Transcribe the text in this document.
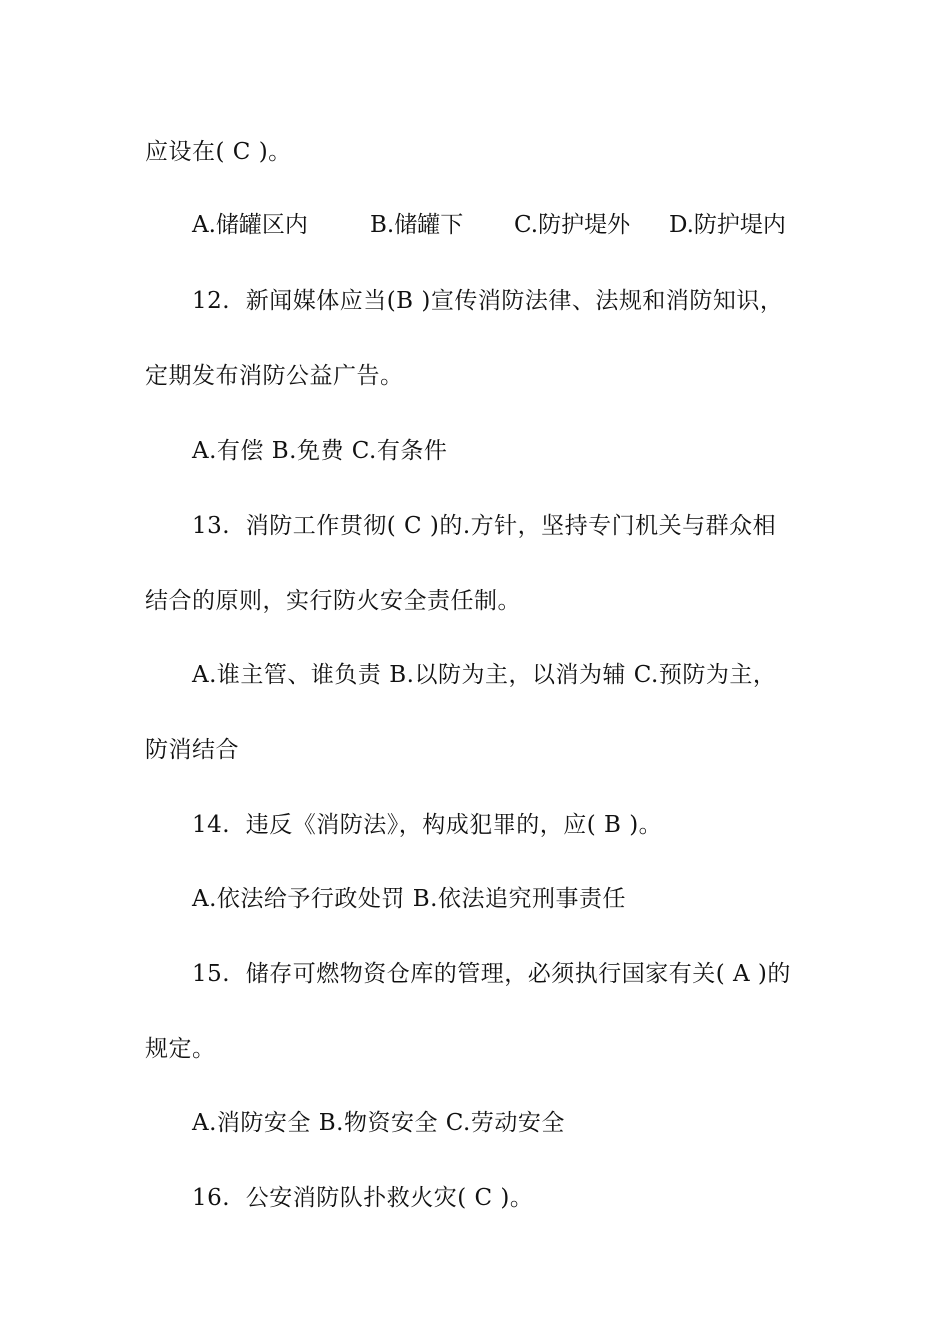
应设在( C )。
A.储罐区内	B.储罐下 C.防护堤外 D.防护堤内
12.  新闻媒体应当(B )宣传消防法律、法规和消防知识，
定期发布消防公益广告。
A.有偿 B.免费 C.有条件
13.  消防工作贯彻( C )的.方针，坚持专门机关与群众相
结合的原则，实行防火安全责任制。
A.谁主管、谁负责 B.以防为主，以消为辅 C.预防为主，
防消结合
14.  违反《消防法》，构成犯罪的，应( B )。
A.依法给予行政处罚 B.依法追究刑事责任
15.  储存可燃物资仓库的管理，必须执行国家有关( A )的
规定。
A.消防安全 B.物资安全 C.劳动安全
16.  公安消防队扑救火灾( C )。
